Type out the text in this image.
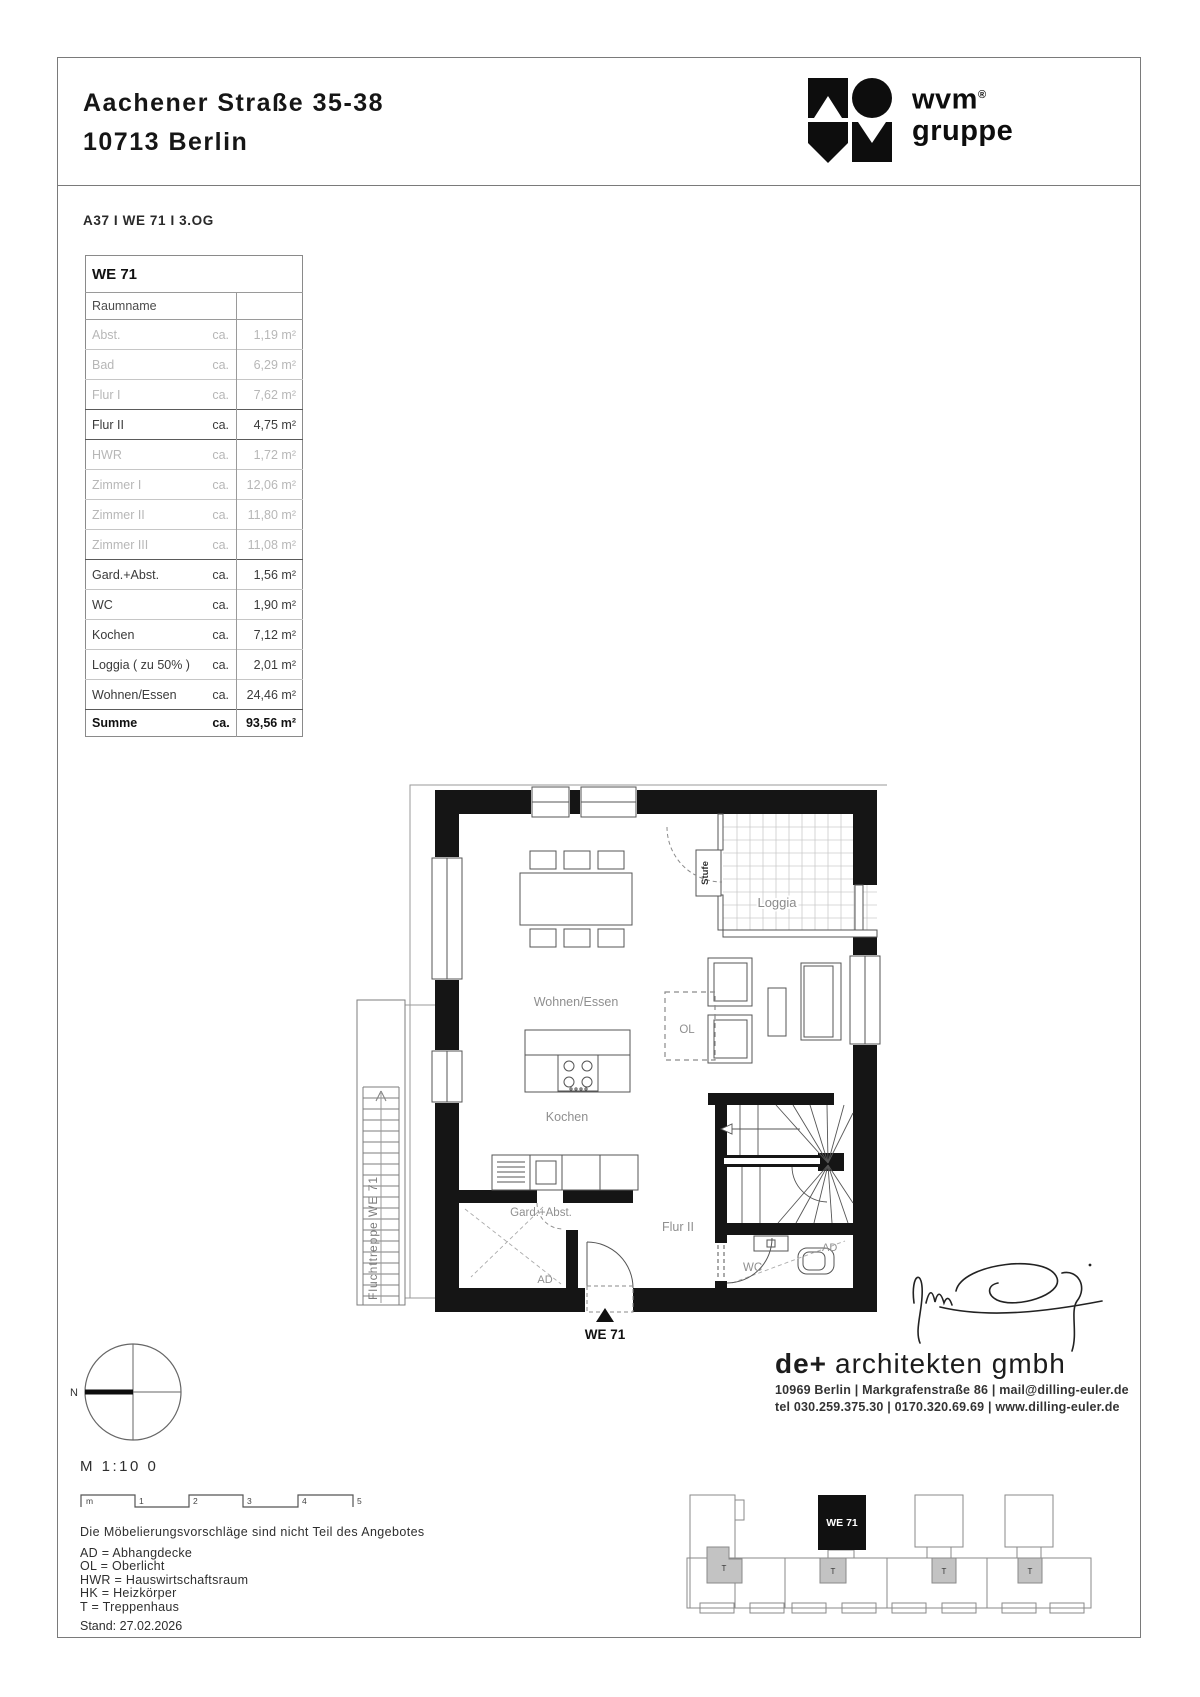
Aachener Straße 35-38
10713 Berlin
wvm®
gruppe
A37 I WE 71 I 3.OG
WE 71		
Raumname		
Abst.	ca.	1,19 m²
Bad	ca.	6,29 m²
Flur I	ca.	7,62 m²
Flur II	ca.	4,75 m²
HWR	ca.	1,72 m²
Zimmer I	ca.	12,06 m²
Zimmer II	ca.	11,80 m²
Zimmer III	ca.	11,08 m²
Gard.+Abst.	ca.	1,56 m²
WC	ca.	1,90 m²
Kochen	ca.	7,12 m²
Loggia ( zu 50% )	ca.	2,01 m²
Wohnen/Essen	ca.	24,46 m²
Summe	ca.	93,56 m²
Fluchttreppe WE 71
Stufe
Loggia
OL
WC
AD
Gard.+Abst.
AD
Wohnen/Essen
Kochen
Flur II
WE 71
N
M 1:10 0
m	1	2	3	4	5
Die Möbelierungsvorschläge sind nicht Teil des Angebotes
AD = Abhangdecke
OL = Oberlicht
HWR = Hauswirtschaftsraum
HK = Heizkörper
T = Treppenhaus
Stand: 27.02.2026
de+ architekten gmbh
10969 Berlin | Markgrafenstraße 86 | mail@dilling-euler.de
tel 030.259.375.30 | 0170.320.69.69 | www.dilling-euler.de
WE 71
T	T	T	T
